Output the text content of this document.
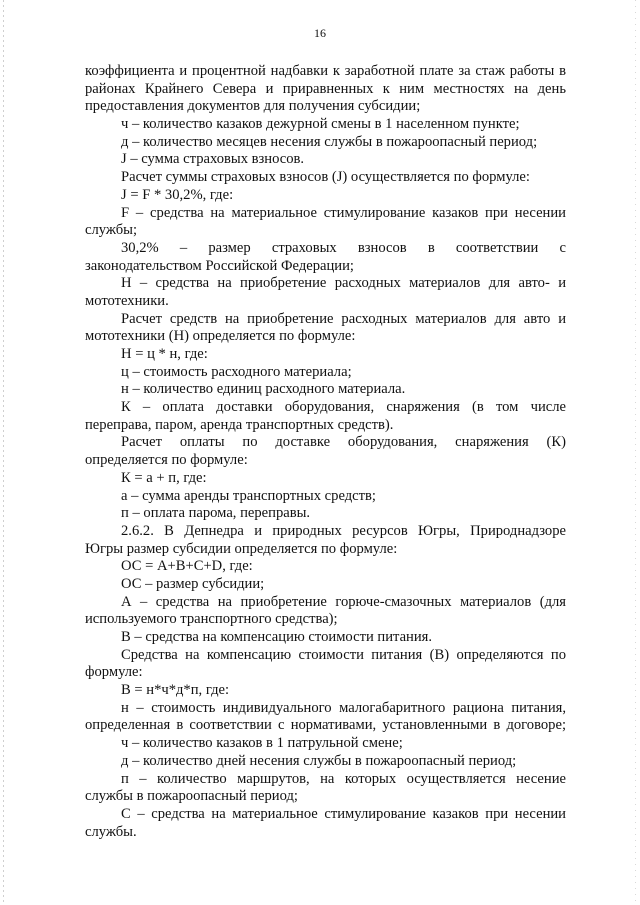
16
коэффициента и процентной надбавки к заработной плате за стаж работы в
районах Крайнего Севера и приравненных к ним местностях на день
предоставления документов для получения субсидии;
ч – количество казаков дежурной смены в 1 населенном пункте;
д – количество месяцев несения службы в пожароопасный период;
J – сумма страховых взносов.
Расчет суммы страховых взносов (J) осуществляется по формуле:
J = F * 30,2%, где:
F – средства на материальное стимулирование казаков при несении
службы;
30,2% – размер страховых взносов в соответствии с
законодательством Российской Федерации;
Н – средства на приобретение расходных материалов для авто- и
мототехники.
Расчет средств на приобретение расходных материалов для авто и
мототехники (Н) определяется по формуле:
Н = ц * н, где:
ц – стоимость расходного материала;
н – количество единиц расходного материала.
К – оплата доставки оборудования, снаряжения (в том числе
переправа, паром, аренда транспортных средств).
Расчет оплаты по доставке оборудования, снаряжения (К)
определяется по формуле:
К = а + п, где:
а – сумма аренды транспортных средств;
п – оплата парома, переправы.
2.6.2. В Депнедра и природных ресурсов Югры, Природнадзоре
Югры размер субсидии определяется по формуле:
ОС = А+В+С+D, где:
ОС – размер субсидии;
А – средства на приобретение горюче-смазочных материалов (для
используемого транспортного средства);
В – средства на компенсацию стоимости питания.
Средства на компенсацию стоимости питания (В) определяются по
формуле:
В = н*ч*д*п, где:
н – стоимость индивидуального малогабаритного рациона питания,
определенная в соответствии с нормативами, установленными в договоре;
ч – количество казаков в 1 патрульной смене;
д – количество дней несения службы в пожароопасный период;
п – количество маршрутов, на которых осуществляется несение
службы в пожароопасный период;
С – средства на материальное стимулирование казаков при несении
службы.
